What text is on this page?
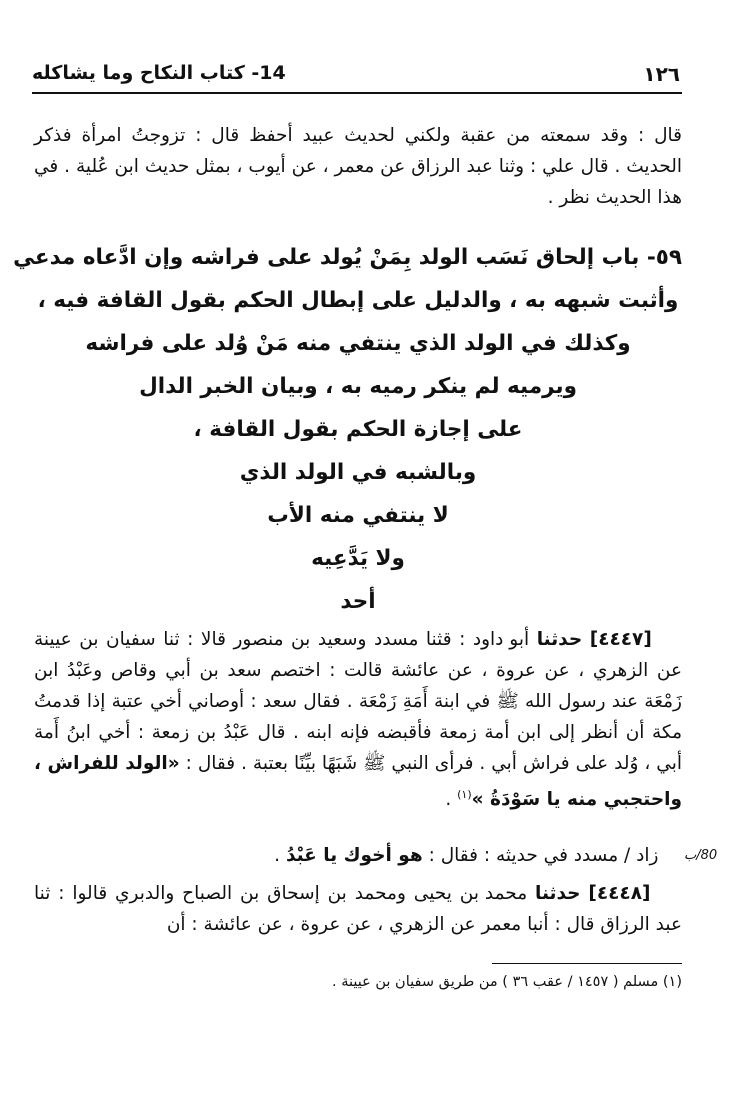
14- كتاب النكاح وما يشاكله	١٢٦

قال : وقد سمعته من عقبة ولكني لحديث عبيد أحفظ قال : تزوجتُ امرأة فذكر الحديث . قال علي : وثنا عبد الرزاق عن معمر ، عن أيوب ، بمثل حديث ابن عُلية . في هذا الحديث نظر .

٥٩- باب إلحاق نَسَب الولد بِمَنْ يُولد على فراشه وإن ادَّعاه مدعي
وأثبت شبهه به ، والدليل على إبطال الحكم بقول القافة فيه ،
وكذلك في الولد الذي ينتفي منه مَنْ وُلد على فراشه
ويرميه لم ينكر رميه به ، وبيان الخبر الدال
على إجازة الحكم بقول القافة ،
وبالشبه في الولد الذي
لا ينتفي منه الأب
ولا يَدَّعِيه
أحد

[٤٤٤٧] حدثنا أبو داود : قثنا مسدد وسعيد بن منصور قالا : ثنا سفيان بن عيينة عن الزهري ، عن عروة ، عن عائشة قالت : اختصم سعد بن أبي وقاص وعَبْدُ ابن زَمْعَة عند رسول الله ﷺ في ابنة أَمَةِ زَمْعَة . فقال سعد : أوصاني أخي عتبة إذا قدمتُ مكة أن أنظر إلى ابن أمة زمعة فأقبضه فإنه ابنه . قال عَبْدُ بن زمعة : أخي ابنُ أَمة أبي ، وُلد على فراش أبي . فرأى النبي ﷺ شَبَهًا بيِّنًا بعتبة . فقال : «الولد للفراش ، واحتجبي منه يا سَوْدَةُ »$^{(١)}$ .

زاد / مسدد في حديثه : فقال : هو أخوك يا عَبْدُ .	80/ب

[٤٤٤٨] حدثنا محمد بن يحيى ومحمد بن إسحاق بن الصباح والدبري قالوا : ثنا عبد الرزاق قال : أنبا معمر عن الزهري ، عن عروة ، عن عائشة : أن

(١) مسلم ( ١٤٥٧ / عقب ٣٦ ) من طريق سفيان بن عيينة .
